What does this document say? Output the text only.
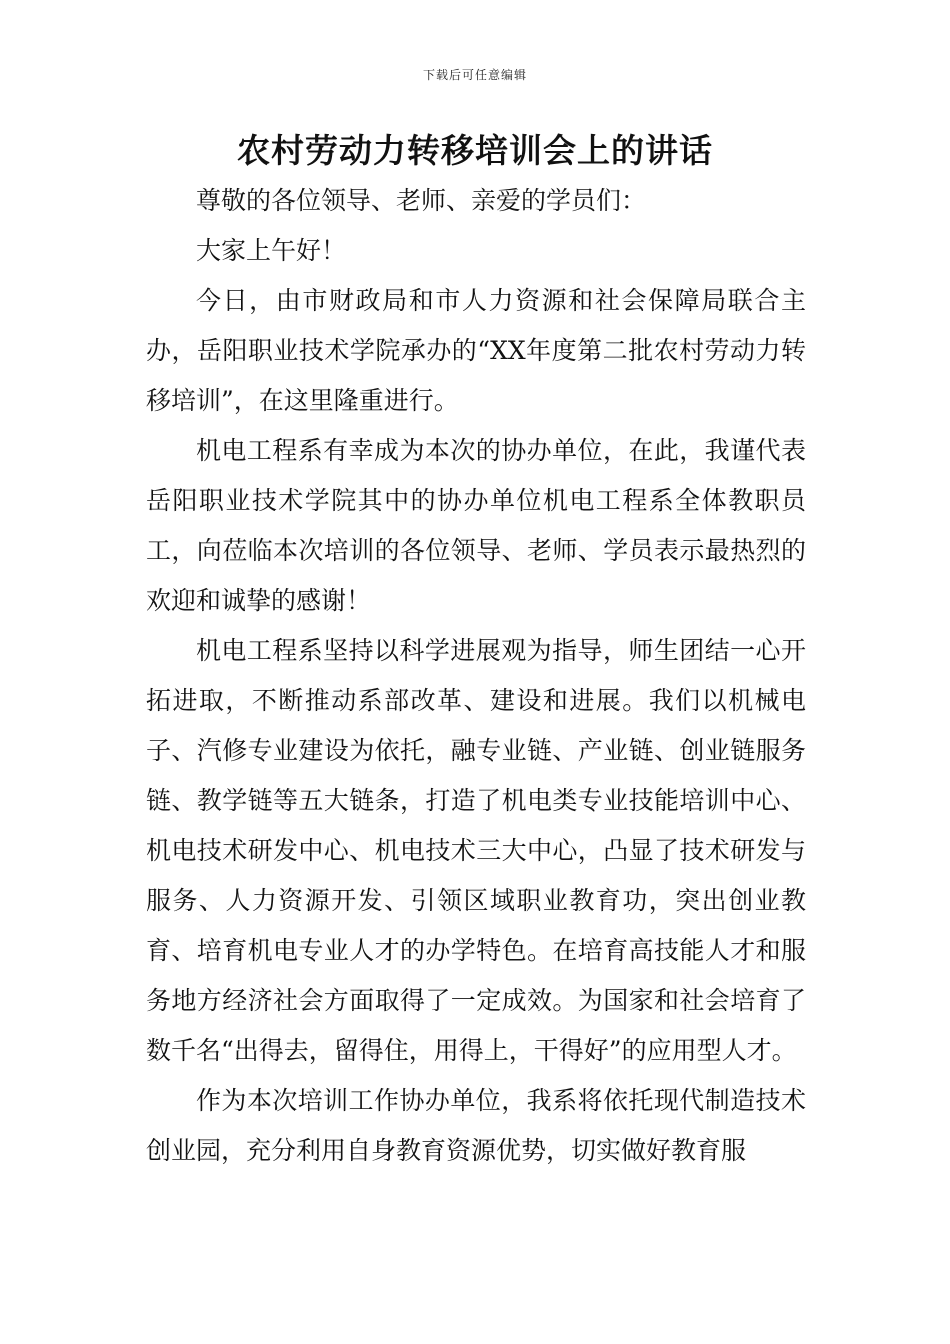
下载后可任意编辑
农村劳动力转移培训会上的讲话

尊敬的各位领导、老师、亲爱的学员们：

大家上午好！

今日，由市财政局和市人力资源和社会保障局联合主办，岳阳职业技术学院承办的“XX年度第二批农村劳动力转移培训”，在这里隆重进行。

机电工程系有幸成为本次的协办单位，在此，我谨代表岳阳职业技术学院其中的协办单位机电工程系全体教职员工，向莅临本次培训的各位领导、老师、学员表示最热烈的欢迎和诚挚的感谢！

机电工程系坚持以科学进展观为指导，师生团结一心开拓进取，不断推动系部改革、建设和进展。我们以机械电子、汽修专业建设为依托，融专业链、产业链、创业链服务链、教学链等五大链条，打造了机电类专业技能培训中心、机电技术研发中心、机电技术三大中心，凸显了技术研发与服务、人力资源开发、引领区域职业教育功，突出创业教育、培育机电专业人才的办学特色。在培育高技能人才和服务地方经济社会方面取得了一定成效。为国家和社会培育了数千名“出得去，留得住，用得上，干得好”的应用型人才。

作为本次培训工作协办单位，我系将依托现代制造技术创业园，充分利用自身教育资源优势，切实做好教育服
